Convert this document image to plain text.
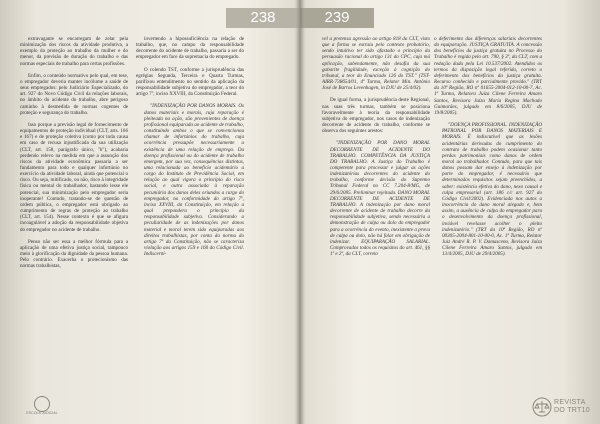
238	239

extravagante se encarregam de zelar pela minimização dos riscos da atividade produtiva, a exemplo da proteção ao trabalho da mulher e do menor, da previsão de duração do trabalho e das normas especiais de trabalho para certas profissões.

Enfim, o conteúdo normativo pelo qual, em tese, o empregador deveria manter incólume a saúde de seus empregados: pelo Judiciário Especializado, do art. 927 do Novo Código Civil da relações laborais, no âmbito do acidente do trabalho, abre perigoso caminho à desmedida de normas cogentes de proteção e segurança do trabalho.

Isso porque a previsão legal de fornecimento de equipamentos de proteção individual (CLT, arts. 166 e 167) e de proteção coletiva (como por toda causa em caso de recusa injustificada da sua utilização (CLT, art. 158, parágrafo único, "b"), acabaria perdendo relevo na medida em que a assunção dos riscos da atividade econômica passaria a ser fundamento para todo e qualquer infortúnio no exercício da atividade laboral, ainda que potencial o risco. Ou seja, mitificado, ou não, risco à integridade física ou mental do trabalhador, bastando lesse ele potencial, sua minimização pelo empregador seria inoperante! Contudo, tratando-se de questão de ordem pública, o empregador está obrigado ao cumprimento de regras de proteção ao trabalho (CLT, art. 154). Nesse contexto é que se afigura incoagulável a adoção da responsabilidade objetiva do empregador no acidente de trabalho.

Penso não ser essa a melhor fórmula para a aplicação de uma efetiva justiça social, tampouco meio à glorificação da dignidade da pessoa humana. Pelo contrário. Exacerba o protecionismo das normas trabalhistas,

invertendo a hipossuficiência na relação de trabalho, que, no campo da responsabilidade decorrente do acidente de trabalho, passaria a ser do empregador em face da supremacia do empregado.

O colendo TST, conforme a jurisprudência das egrégias Segunda, Terceira e Quarta Turmas, parifixou entendimento no sentido da aplicação da responsabilidade subjetiva do empregador, a teor do artigo 7º, inciso XXVIII, da Constituição Federal.

"INDENIZAÇÃO POR DANOS MORAIS. Os danos materiais e morais, cuja reparação é pleiteada na ação, são provenientes de doença profissional equiparada ao acidente de trabalho, constituindo ambos o que se convencionou chamar de infortúnios do trabalho, cuja ocorrência pressupõe necessariamente a existência de uma relação de emprego. Da doença profissional ou do acidente de trabalho emergem, por sua vez, consequências distintas, uma relacionada ao benefício acidentário a cargo do Instituto de Previdência Social, em relação ao qual vigora o princípio do risco social, e outra associada à reparação pecuniária dos danos deles oriundos a cargo do empregador, na conformidade do artigo 7º, inciso XXVIII, da Constituição, em relação a qual prepondera o princípio da responsabilidade subjetiva. Considerando a peculiaridade de as indenizações por danos material e moral terem sido equiparadas aos direitos trabalhistas, por conta da norma do artigo 7º da Constituição, não se caracteriza violação aos artigos 159 e 160 do Código Civil. Indiscerní-

vel a pretensa agressão ao artigo 818 da CLT, visto que a forma se extraiu pelo contexto probatório, sendo intuitivo ter sido afastado o princípio da persuasão racional do artigo 131 do CPC, cuja má aplicação, sabendamente, não desafia da sua gabarite fragilidade, exceção à cognição do tribunal, a teor do Enunciado 126 do TST." (TST-AIRR-738654/01, 4ª Turma, Relator Min. Antônio José de Barros Levenhagen, in DJU de 25/4/03).

De igual forma, a jurisprudência deste Regional, nas suas três turmas, também se posiciona favoravelmente à teoria da responsabilidade subjetiva do empregador, nos casos de indenização decorrente de acidente do trabalho, conforme se observa dos seguintes arestos:

"INDENIZAÇÃO POR DANO MORAL DECORRENTE DE ACIDENTE DO TRABALHO. COMPETÊNCIA DA JUSTIÇA DO TRABALHO. A Justiça do Trabalho é competente para processar e julgar as ações indenizatórias decorrentes do acidente do trabalho, conforme decisão do Supremo Tribunal Federal no CC 7.204-8/MG, de 29/6/2005. Preliminar rejeitada. DANO MORAL DECORRENTE DE ACIDENTE DE TRABALHO. A indenização por dano moral decorrente de acidente de trabalho decorre da responsabilidade subjetiva, sendo necessária a demonstração de culpa ou dolo do empregador para a ocorrência do evento, inexistente a prova de culpa ou dolo, não há falar em obrigação de indenizar. EQUIPARAÇÃO SALARIAL. Comprovados todos os requisitos do art. 461, §§ 1º e 2º, da CLT, correto

o deferimento das diferenças salariais decorrentes da equiparação. JUSTIÇA GRATUITA. A concessão dos benefícios da justiça gratuita no Processo do Trabalho é regida pelo art. 790, § 3º, da CLT, com a redação dada pela Lei 10.537/2002. Atendidos os termos da disposição legal referida, correto o deferimento dos benefícios da justiça gratuita. Recurso conhecido e parcialmente provido." (TRT da 10ª Região, RO nº 01655-2004-012-10-00-7, Ac. 1ª Turma, Relatora Juíza Cilene Ferreira Amaro Santos, Revisora Juíza Maria Regina Machado Guimarães, julgado em 8/6/2005, DJU de 19/8/2005).

"DOENÇA PROFISSIONAL. INDENIZAÇÃO PATRONAL POR DANOS MATERIAIS E MORAIS. É indiscutível que as lesões acidentárias derivadas do cumprimento do contrato de trabalho podem ocasionar tanto perdas patrimoniais como danos de ordem moral ao trabalhador. Contudo, para que tais danos possam dar ensejo à indenização por parte do empregador, é necessário que determinados requisitos sejam preenchidos, a saber: existência efetiva do dano, nexo causal e culpa empresarial (art. 186 c/c art. 927 do Código Civil/2002). Evidenciada nos autos a inocorrência do dano moral alegado e, bem assim, a ausência de culpa do empregador para o desenvolvimento da doença profissional, inviável revelasse acolher o pleito indenizatório." (TRT da 10ª Região, RO nº 00305-2004-801-10-00-0, Ac. 1ª Turma, Relator Juiz André R. P. V. Damasceno, Revisora Juíza Cilene Ferreira Amaro Santos, julgado em 13/4/2005, DJU de 29/4/2005).

ESCOLA JUDICIAL
REVISTA
DO TRT10
